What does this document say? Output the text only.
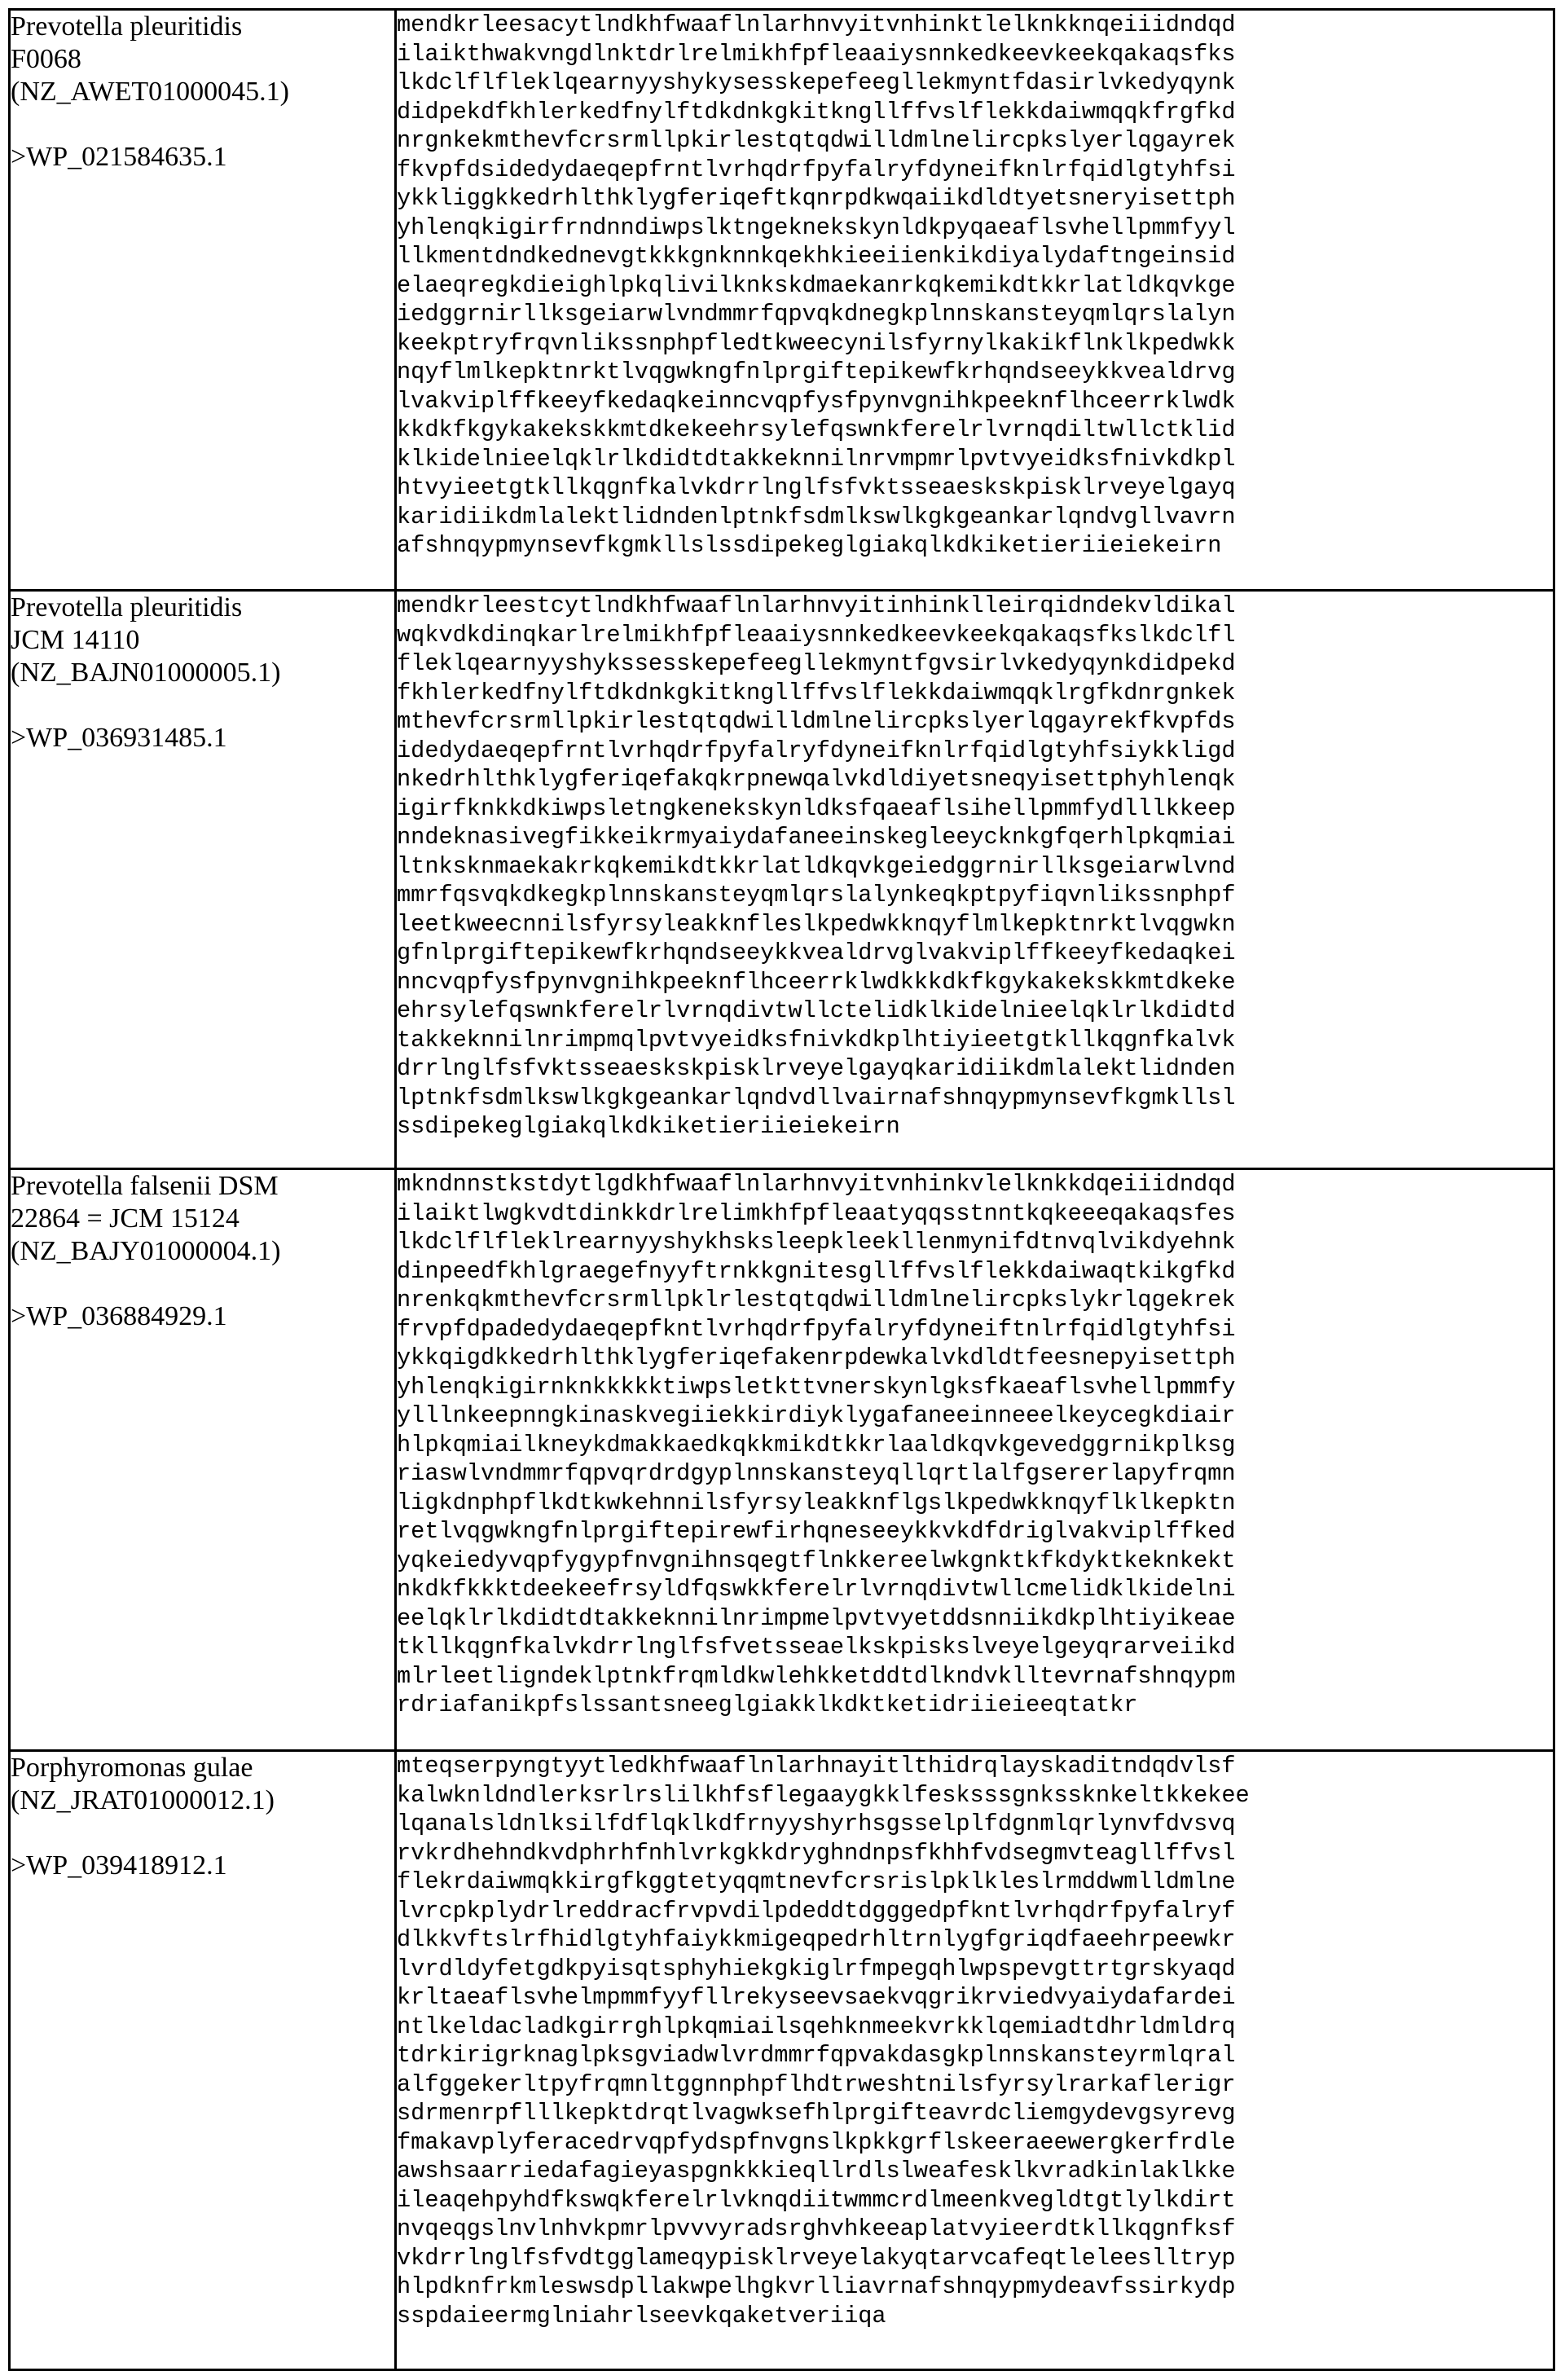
Prevotella pleuritidis
F0068
(NZ_AWET01000045.1)
>WP_021584635.1

mendkrleesacytlndkhfwaaflnlarhnvyitvnhinktlelknkknqeiiidndqd
ilaikthwakvngdlnktdrlrelmikhfpfleaaiysnnkedkeevkeekqakaqsfks
lkdclflfleklqearnyyshykysesskepefeegllekmyntfdasirlvkedyqynk
didpekdfkhlerkedfnylftdkdnkgkitkngllffvslflekkdaiwmqqkfrgfkd
nrgnkekmthevfcrsrmllpkirlestqtqdwilldmlnelircpkslyerlqgayrek
fkvpfdsidedydaeqepfrntlvrhqdrfpyfalryfdyneifknlrfqidlgtyhfsi
ykkliggkkedrhlthklygferiqeftkqnrpdkwqaiikdldtyetsneryisettph
yhlenqkigirfrndnndiwpslktngeknekskynldkpyqaeaflsvhellpmmfyyl
llkmentdndkednevgtkkkgnknnkqekhkieeiienkikdiyalydaftngeinsid
elaeqregkdieighlpkqlivilknkskdmaekanrkqkemikdtkkrlatldkqvkge
iedggrnirllksgeiarwlvndmmrfqpvqkdnegkplnnskansteyqmlqrslalyn
keekptryfrqvnlikssnphpfledtkweecynilsfyrnylkakikflnklkpedwkk
nqyflmlkepktnrktlvqgwkngfnlprgiftepikewfkrhqndseeykkvealdrvg
lvakviplffkeeyfkedaqkeinncvqpfysfpynvgnihkpeeknflhceerrklwdk
kkdkfkgykakekskkmtdkekeehrsylefqswnkferelrlvrnqdiltwllctklid
klkidelnieelqklrlkdidtdtakkeknnilnrvmpmrlpvtvyeidksfnivkdkpl
htvyieetgtkllkqgnfkalvkdrrlnglfsfvktsseaeskskpisklrveyelgayq
karidiikdmlalektlidndenlptnkfsdmlkswlkgkgeankarlqndvgllvavrn
afshnqypmynsevfkgmkllslssdipekeglgiakqlkdkiketieriieiekeirn

Prevotella pleuritidis
JCM 14110
(NZ_BAJN01000005.1)
>WP_036931485.1

mendkrleestcytlndkhfwaaflnlarhnvyitinhinklleirqidndekvldikal
wqkvdkdinqkarlrelmikhfpfleaaiysnnkedkeevkeekqakaqsfkslkdclfl
fleklqearnyyshykssesskepefeegllekmyntfgvsirlvkedyqynkdidpekd
fkhlerkedfnylftdkdnkgkitkngllffvslflekkdaiwmqqklrgfkdnrgnkek
mthevfcrsrmllpkirlestqtqdwilldmlnelircpkslyerlqgayrekfkvpfds
idedydaeqepfrntlvrhqdrfpyfalryfdyneifknlrfqidlgtyhfsiykkligd
nkedrhlthklygferiqefakqkrpnewqalvkdldiyetsneqyisettphyhlenqk
igirfknkkdkiwpsletngkenekskynldksfqaeaflsihellpmmfydlllkkeep
nndeknasivegfikkeikrmyaiydafaneeinskegleeycknkgfqerhlpkqmiai
ltnksknmaekakrkqkemikdtkkrlatldkqvkgeiedggrnirllksgeiarwlvnd
mmrfqsvqkdkegkplnnskansteyqmlqrslalynkeqkptpyfiqvnlikssnphpf
leetkweecnnilsfyrsyleakknfleslkpedwkknqyflmlkepktnrktlvqgwkn
gfnlprgiftepikewfkrhqndseeykkvealdrvglvakviplffkeeyfkedaqkei
nncvqpfysfpynvgnihkpeeknflhceerrklwdkkkdkfkgykakekskkmtdkeke
ehrsylefqswnkferelrlvrnqdivtwllctelidklkidelnieelqklrlkdidtd
takkeknnilnrimpmqlpvtvyeidksfnivkdkplhtiyieetgtkllkqgnfkalvk
drrlnglfsfvktsseaeskskpisklrveyelgayqkaridiikdmlalektlidnden
lptnkfsdmlkswlkgkgeankarlqndvdllvairnafshnqypmynsevfkgmkllsl
ssdipekeglgiakqlkdkiketieriieiekeirn

Prevotella falsenii DSM
22864 = JCM 15124
(NZ_BAJY01000004.1)
>WP_036884929.1

mkndnnstkstdytlgdkhfwaaflnlarhnvyitvnhinkvlelknkkdqeiiidndqd
ilaiktlwgkvdtdinkkdrlrelimkhfpfleaatyqqsstnntkqkeeeqakaqsfes
lkdclflfleklrearnyyshykhsksleepkleekllenmynifdtnvqlvikdyehnk
dinpeedfkhlgraegefnyyftrnkkgnitesgllffvslflekkdaiwaqtkikgfkd
nrenkqkmthevfcrsrmllpklrlestqtqdwilldmlnelircpkslykrlqgekrek
frvpfdpadedydaeqepfkntlvrhqdrfpyfalryfdyneiftnlrfqidlgtyhfsi
ykkqigdkkedrhlthklygferiqefakenrpdewkalvkdldtfeesnepyisettph
yhlenqkigirnknkkkkktiwpsletkttvnerskynlgksfkaeaflsvhellpmmfy
ylllnkeepnngkinaskvegiiekkirdiyklygafaneeinneeelkeycegkdiair
hlpkqmiailkneykdmakkaedkqkkmikdtkkrlaaldkqvkgevedggrnikplksg
riaswlvndmmrfqpvqrdrdgyplnnskansteyqllqrtlalfgsererlapyfrqmn
ligkdnphpflkdtkwkehnnilsfyrsyleakknflgslkpedwkknqyflklkepktn
retlvqgwkngfnlprgiftepirewfirhqneseeykkvkdfdriglvakviplffked
yqkeiedyvqpfygypfnvgnihnsqegtflnkkereelwkgnktkfkdyktkeknkekt
nkdkfkkktdeekeefrsyldfqswkkferelrlvrnqdivtwllcmelidklkidelni
eelqklrlkdidtdtakkeknnilnrimpmelpvtvyetddsnniikdkplhtiyikeae
tkllkqgnfkalvkdrrlnglfsfvetsseaelkskpiskslveyelgeyqrarveiikd
mlrleetligndeklptnkfrqmldkwlehkketddtdlkndvklltevrnafshnqypm
rdriafanikpfslssantsneeglgiakklkdktketidriieieeqtatkr

Porphyromonas gulae
(NZ_JRAT01000012.1)
>WP_039418912.1

mteqserpyngtyytledkhfwaaflnlarhnayitlthidrqlayskaditndqdvlsf
kalwknldndlerksrlrslilkhfsflegaaygkklfesksssgnkssknkeltkkekee
lqanalsldnlksilfdflqklkdfrnyyshyrhsgsselplfdgnmlqrlynvfdvsvq
rvkrdhehndkvdphrhfnhlvrkgkkdryghndnpsfkhhfvdsegmvteagllffvsl
flekrdaiwmqkkirgfkggtetyqqmtnevfcrsrislpklkleslrmddwmlldmlne
lvrcpkplydrlreddracfrvpvdilpdeddtdgggedpfkntlvrhqdrfpyfalryf
dlkkvftslrfhidlgtyhfaiykkmigeqpedrhltrnlygfgriqdfaeehrpeewkr
lvrdldyfetgdkpyisqtsphyhiekgkiglrfmpegqhlwpspevgttrtgrskyaqd
krltaeaflsvhelmpmmfyyfllrekyseevsaekvqgrikrviedvyaiydafardei
ntlkeldacladkgirrghlpkqmiailsqehknmeekvrkklqemiadtdhrldmldrq
tdrkirigrknaglpksgviadwlvrdmmrfqpvakdasgkplnnskansteyrmlqral
alfggekerltpyfrqmnltggnnphpflhdtrweshtnilsfyrsylrarkaflerigr
sdrmenrpflllkepktdrqtlvagwksefhlprgifteavrdcliemgydevgsyrevg
fmakavplyferacedrvqpfydspfnvgnslkpkkgrflskeeraeewergkerfrdle
awshsaarriedafagieyaspgnkkkieqllrdlslweafesklkvradkinlaklkke
ileaqehpyhdfkswqkferelrlvknqdiitwmmcrdlmeenkvegldtgtlylkdirt
nvqeqgslnvlnhvkpmrlpvvvyradsrghvhkeeaplatvyieerdtkllkqgnfksf
vkdrrlnglfsfvdtgglameqypisklrveyelakyqtarvcafeqtleleeslltryp
hlpdknfrkmleswsdpllakwpelhgkvrlliavrnafshnqypmydeavfssirkydp
sspdaieermglniahrlseevkqaketveriiqa
